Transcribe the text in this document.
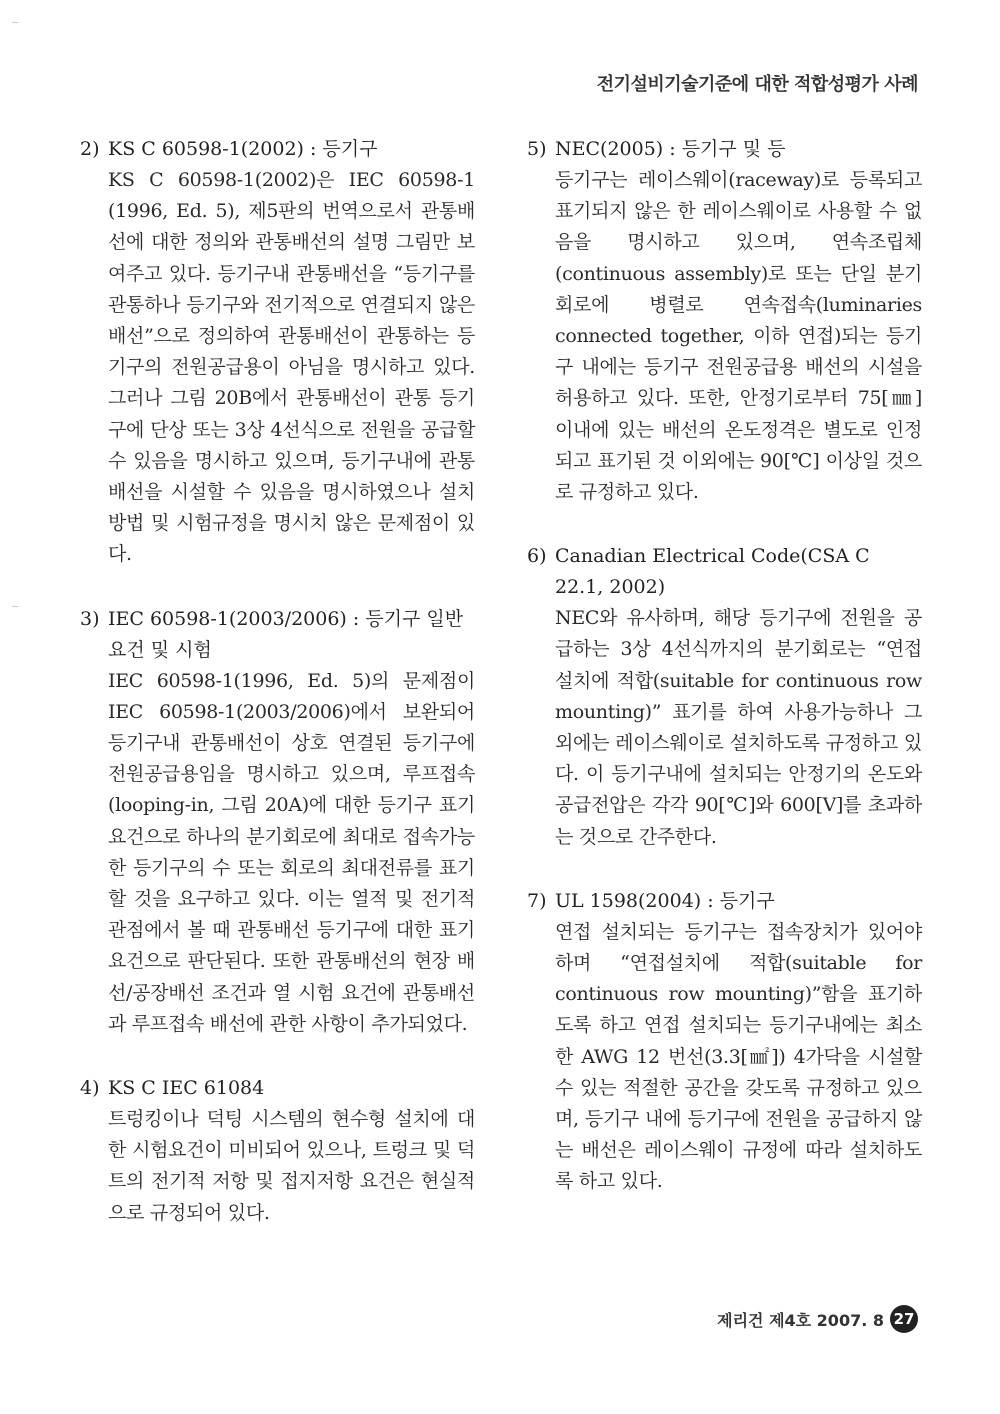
전기설비기술기준에 대한 적합성평가 사례
2) KS C 60598-1(2002) : 등기구
KS C 60598-1(2002)은 IEC 60598-1 (1996, Ed. 5), 제5판의 번역으로서 관통배선에 대한 정의와 관통배선의 설명 그림만 보여주고 있다. 등기구내 관통배선을 “등기구를 관통하나 등기구와 전기적으로 연결되지 않은 배선”으로 정의하여 관통배선이 관통하는 등기구의 전원공급용이 아님을 명시하고 있다. 그러나 그림 20B에서 관통배선이 관통 등기구에 단상 또는 3상 4선식으로 전원을 공급할 수 있음을 명시하고 있으며, 등기구내에 관통배선을 시설할 수 있음을 명시하였으나 설치방법 및 시험규정을 명시치 않은 문제점이 있다.
3) IEC 60598-1(2003/2006) : 등기구 일반요건 및 시험
IEC 60598-1(1996, Ed. 5)의 문제점이 IEC 60598-1(2003/2006)에서 보완되어 등기구내 관통배선이 상호 연결된 등기구에 전원공급용임을 명시하고 있으며, 루프접속(looping-in, 그림 20A)에 대한 등기구 표기요건으로 하나의 분기회로에 최대로 접속가능한 등기구의 수 또는 회로의 최대전류를 표기할 것을 요구하고 있다. 이는 열적 및 전기적 관점에서 볼 때 관통배선 등기구에 대한 표기요건으로 판단된다. 또한 관통배선의 현장 배선/공장배선 조건과 열 시험 요건에 관통배선과 루프접속 배선에 관한 사항이 추가되었다.
4) KS C IEC 61084
트렁킹이나 덕팅 시스템의 현수형 설치에 대한 시험요건이 미비되어 있으나, 트렁크 및 덕트의 전기적 저항 및 접지저항 요건은 현실적으로 규정되어 있다.
5) NEC(2005) : 등기구 및 등
등기구는 레이스웨이(raceway)로 등록되고 표기되지 않은 한 레이스웨이로 사용할 수 없음을 명시하고 있으며, 연속조립체(continuous assembly)로 또는 단일 분기회로에 병렬로 연속접속(luminaries connected together, 이하 연접)되는 등기구 내에는 등기구 전원공급용 배선의 시설을 허용하고 있다. 또한, 안정기로부터 75[㎜] 이내에 있는 배선의 온도정격은 별도로 인정되고 표기된 것 이외에는 90[℃] 이상일 것으로 규정하고 있다.
6) Canadian Electrical Code(CSA C 22.1, 2002)
NEC와 유사하며, 해당 등기구에 전원을 공급하는 3상 4선식까지의 분기회로는 “연접 설치에 적합(suitable for continuous row mounting)” 표기를 하여 사용가능하나 그 외에는 레이스웨이로 설치하도록 규정하고 있다. 이 등기구내에 설치되는 안정기의 온도와 공급전압은 각각 90[℃]와 600[V]를 초과하는 것으로 간주한다.
7) UL 1598(2004) : 등기구
연접 설치되는 등기구는 접속장치가 있어야 하며 “연접설치에 적합(suitable for continuous row mounting)”함을 표기하도록 하고 연접 설치되는 등기구내에는 최소한 AWG 12 번선(3.3[㎟]) 4가닥을 시설할 수 있는 적절한 공간을 갖도록 규정하고 있으며, 등기구 내에 등기구에 전원을 공급하지 않는 배선은 레이스웨이 규정에 따라 설치하도록 하고 있다.
제리건 제4호 2007. 8 27
